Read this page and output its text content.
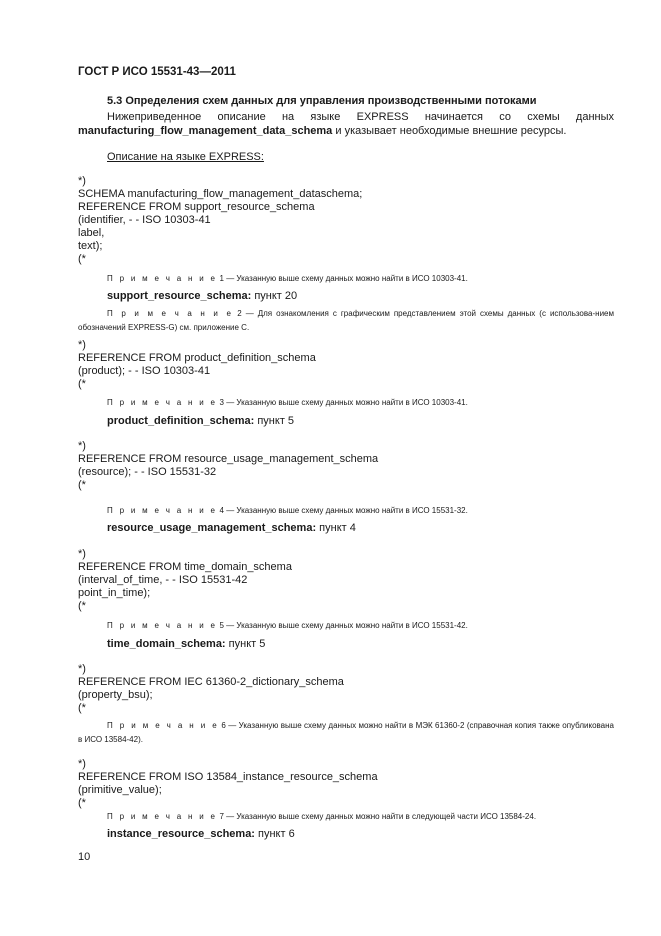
ГОСТ Р ИСО 15531-43—2011
5.3 Определения схем данных для управления производственными потоками
Нижеприведенное описание на языке EXPRESS начинается со схемы данных manufacturing_flow_management_data_schema и указывает необходимые внешние ресурсы.
Описание на языке EXPRESS:
*)
SCHEMA manufacturing_flow_management_dataschema;
REFERENCE FROM support_resource_schema
(identifier, - - ISO 10303-41
label,
text);
(*
П р и м е ч а н и е 1 — Указанную выше схему данных можно найти в ИСО 10303-41.
support_resource_schema: пункт 20
П р и м е ч а н и е 2 — Для ознакомления с графическим представлением этой схемы данных (с использова-нием обозначений EXPRESS-G) см. приложение С.
*)
REFERENCE FROM product_definition_schema
(product); - - ISO 10303-41
(*
П р и м е ч а н и е 3 — Указанную выше схему данных можно найти в ИСО 10303-41.
product_definition_schema: пункт 5
*)
REFERENCE FROM resource_usage_management_schema
(resource); - - ISO 15531-32
(*
П р и м е ч а н и е 4 — Указанную выше схему данных можно найти в ИСО 15531-32.
resource_usage_management_schema: пункт 4
*)
REFERENCE FROM time_domain_schema
(interval_of_time, - - ISO 15531-42
point_in_time);
(*
П р и м е ч а н и е 5 — Указанную выше схему данных можно найти в ИСО 15531-42.
time_domain_schema: пункт 5
*)
REFERENCE FROM IEC 61360-2_dictionary_schema
(property_bsu);
(*
П р и м е ч а н и е 6 — Указанную выше схему данных можно найти в МЭК 61360-2 (справочная копия также опубликована в ИСО 13584-42).
*)
REFERENCE FROM ISO 13584_instance_resource_schema
(primitive_value);
(*
П р и м е ч а н и е 7 — Указанную выше схему данных можно найти в следующей части ИСО 13584-24.
instance_resource_schema: пункт 6
10
